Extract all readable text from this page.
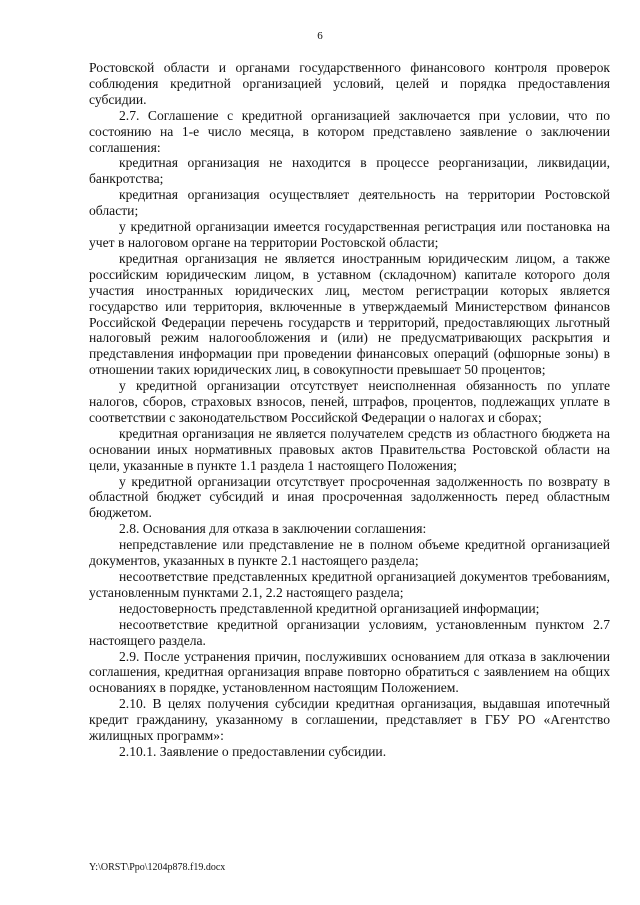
6

Ростовской области и органами государственного финансового контроля проверок соблюдения кредитной организацией условий, целей и порядка предоставления субсидии.

2.7. Соглашение с кредитной организацией заключается при условии, что по состоянию на 1-е число месяца, в котором представлено заявление о заключении соглашения:

кредитная организация не находится в процессе реорганизации, ликвидации, банкротства;

кредитная организация осуществляет деятельность на территории Ростовской области;

у кредитной организации имеется государственная регистрация или постановка на учет в налоговом органе на территории Ростовской области;

кредитная организация не является иностранным юридическим лицом, а также российским юридическим лицом, в уставном (складочном) капитале которого доля участия иностранных юридических лиц, местом регистрации которых является государство или территория, включенные в утверждаемый Министерством финансов Российской Федерации перечень государств и территорий, предоставляющих льготный налоговый режим налогообложения и (или) не предусматривающих раскрытия и представления информации при проведении финансовых операций (офшорные зоны) в отношении таких юридических лиц, в совокупности превышает 50 процентов;

у кредитной организации отсутствует неисполненная обязанность по уплате налогов, сборов, страховых взносов, пеней, штрафов, процентов, подлежащих уплате в соответствии с законодательством Российской Федерации о налогах и сборах;

кредитная организация не является получателем средств из областного бюджета на основании иных нормативных правовых актов Правительства Ростовской области на цели, указанные в пункте 1.1 раздела 1 настоящего Положения;

у кредитной организации отсутствует просроченная задолженность по возврату в областной бюджет субсидий и иная просроченная задолженность перед областным бюджетом.

2.8. Основания для отказа в заключении соглашения:

непредставление или представление не в полном объеме кредитной организацией документов, указанных в пункте 2.1 настоящего раздела;

несоответствие представленных кредитной организацией документов требованиям, установленным пунктами 2.1, 2.2 настоящего раздела;

недостоверность представленной кредитной организацией информации;

несоответствие кредитной организации условиям, установленным пунктом 2.7 настоящего раздела.

2.9. После устранения причин, послуживших основанием для отказа в заключении соглашения, кредитная организация вправе повторно обратиться с заявлением на общих основаниях в порядке, установленном настоящим Положением.

2.10. В целях получения субсидии кредитная организация, выдавшая ипотечный кредит гражданину, указанному в соглашении, представляет в ГБУ РО «Агентство жилищных программ»:

2.10.1. Заявление о предоставлении субсидии.

Y:\ORST\Ppo\1204p878.f19.docx
